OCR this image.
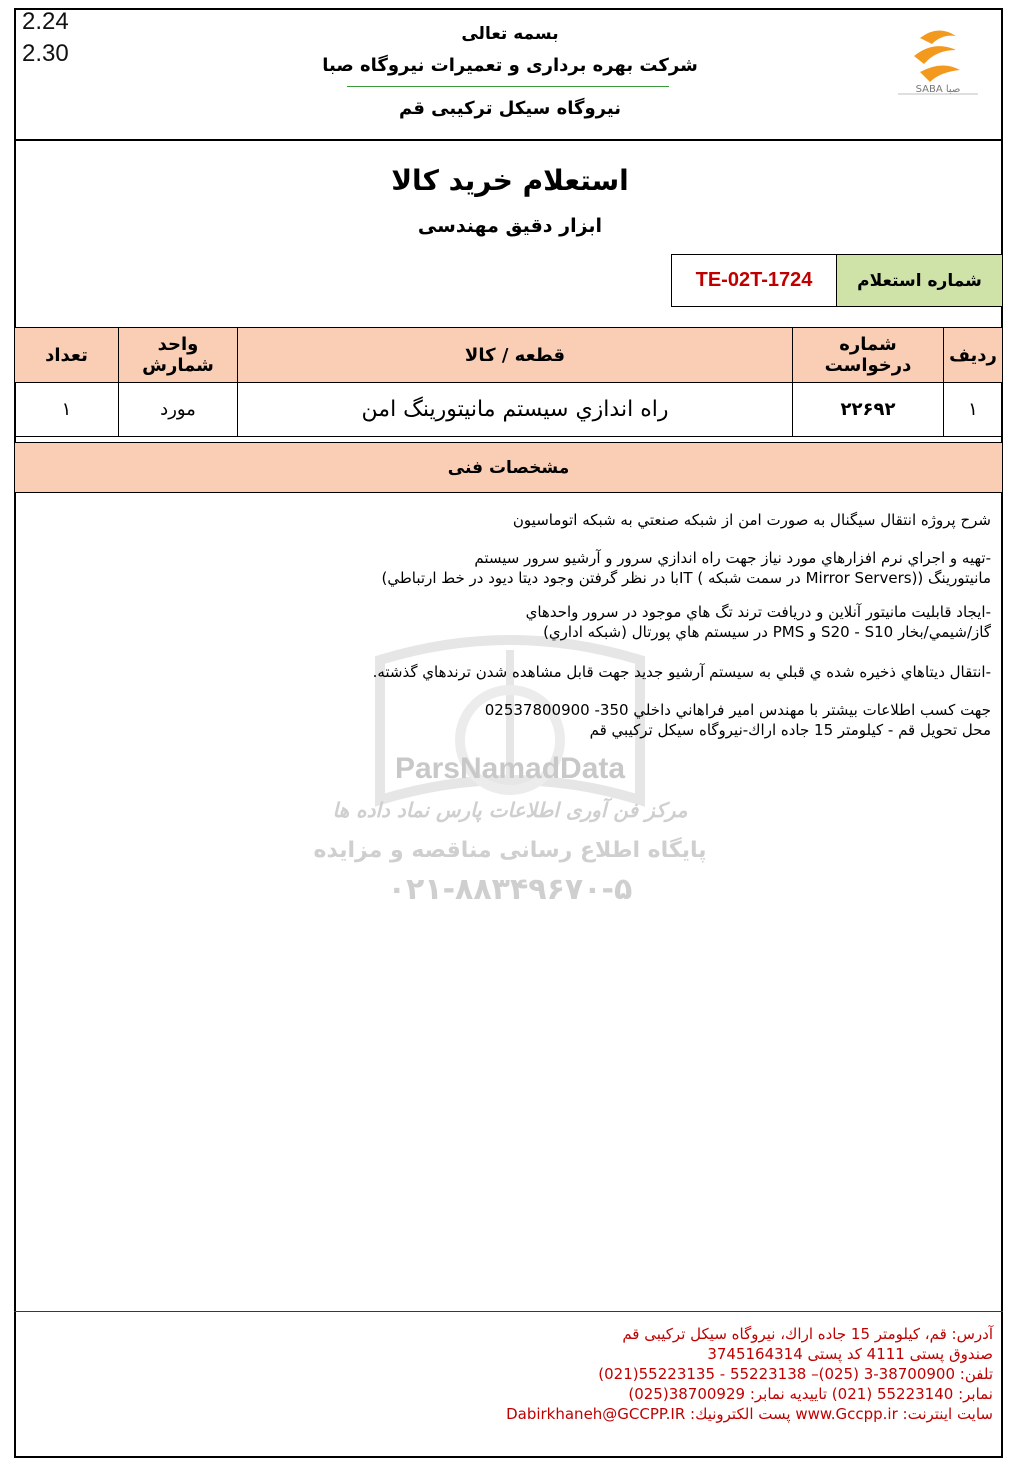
2.24
2.30
SABA صبا
بسمه تعالی
شرکت بهره برداری و تعمیرات نیروگاه صبا
نیروگاه سیکل ترکیبی قم
استعلام خرید کالا
ابزار دقیق مهندسی
شماره استعلام
TE-02T-1724
ردیف	شماره درخواست	قطعه / کالا	واحد شمارش	تعداد
۱	۲۲۶۹۲	راه اندازي سيستم مانيتورينگ امن	مورد	۱
مشخصات فنی
ParsNamadData
مرکز فن آوری اطلاعات پارس نماد داده ها
پایگاه اطلاع رسانی مناقصه و مزایده
۰۲۱-۸۸۳۴۹۶۷۰-۵
شرح پروژه انتقال سیگنال به صورت امن از شبکه صنعتي به شبکه اتوماسيون
-تهيه و اجراي نرم افزارهاي مورد نياز جهت راه اندازي سرور و آرشيو سرور سيستم
مانيتورينگ ((Mirror Servers در سمت شبکه ) ITبا در نظر گرفتن وجود ديتا ديود در خط ارتباطي)
-ايجاد قابليت مانيتور آنلاين و دريافت ترند تگ هاي موجود در سرور واحدهاي
گاز/شيمي/بخار S20 - S10 و PMS در سيستم هاي پورتال (شبکه اداري)
-انتقال ديتاهاي ذخيره شده ي قبلي به سيستم آرشيو جديد جهت قابل مشاهده شدن ترندهاي گذشته.
جهت کسب اطلاعات بيشتر با مهندس امير فراهاني داخلي 350- 02537800900
محل تحويل قم - کيلومتر 15 جاده اراك-نيروگاه سيکل ترکيبي قم
آدرس: قم، کیلومتر 15 جاده اراك، نیروگاه سیکل ترکیبی قم
صندوق پستی 4111 کد پستی 3745164314
تلفن: 38700900-3 (025)– 55223138 - 55223135(021)
نمابر: 55223140 (021) تاییدیه نمابر: 38700929(025)
سایت اینترنت: www.Gccpp.ir پست الکترونیك: Dabirkhaneh@GCCPP.IR
